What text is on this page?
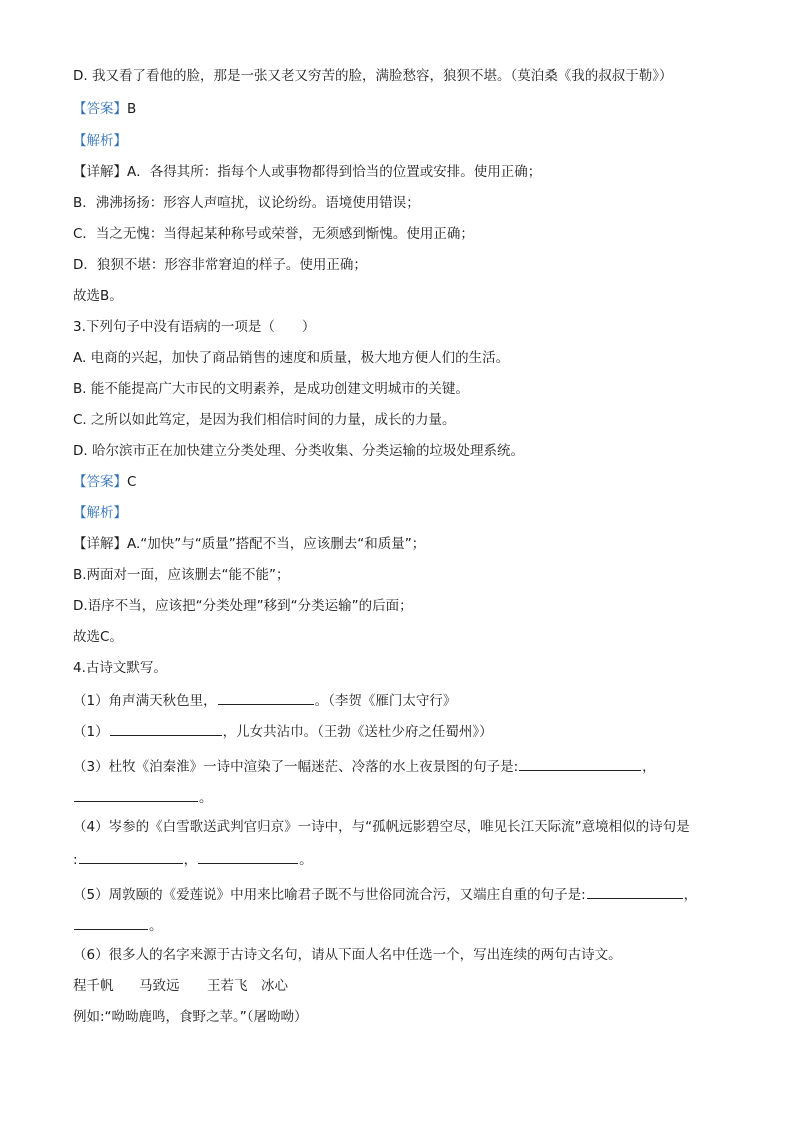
D. 我又看了看他的脸，那是一张又老又穷苦的脸，满脸愁容，狼狈不堪。（莫泊桑《我的叔叔于勒》）
【答案】B
【解析】
【详解】A．各得其所：指每个人或事物都得到恰当的位置或安排。使用正确；
B．沸沸扬扬：形容人声喧扰，议论纷纷。语境使用错误；
C．当之无愧：当得起某种称号或荣誉，无须感到惭愧。使用正确；
D．狼狈不堪：形容非常窘迫的样子。使用正确；
故选B。
3.下列句子中没有语病的一项是（　　）
A. 电商的兴起，加快了商品销售的速度和质量，极大地方便人们的生活。
B. 能不能提高广大市民的文明素养，是成功创建文明城市的关键。
C. 之所以如此笃定，是因为我们相信时间的力量，成长的力量。
D. 哈尔滨市正在加快建立分类处理、分类收集、分类运输的垃圾处理系统。
【答案】C
【解析】
【详解】A.“加快”与“质量”搭配不当，应该删去“和质量”；
B.两面对一面，应该删去“能不能”；
D.语序不当，应该把“分类处理”移到“分类运输”的后面；
故选C。
4.古诗文默写。
（1）角声满天秋色里，	。（李贺《雁门太守行》
（1）	，儿女共沾巾。（王勃《送杜少府之任蜀州》）
（3）杜牧《泊秦淮》一诗中渲染了一幅迷茫、冷落的水上夜景图的句子是:	，
。
（4）岑参的《白雪歌送武判官归京》一诗中，与“孤帆远影碧空尽，唯见长江天际流”意境相似的诗句是
:	，	。
（5）周敦颐的《爱莲说》中用来比喻君子既不与世俗同流合污，又端庄自重的句子是:	，
。
（6）很多人的名字来源于古诗文名句，请从下面人名中任选一个，写出连续的两句古诗文。
程千帆 马致远 王若飞 冰心
例如:“呦呦鹿鸣，食野之苹。”（屠呦呦）
